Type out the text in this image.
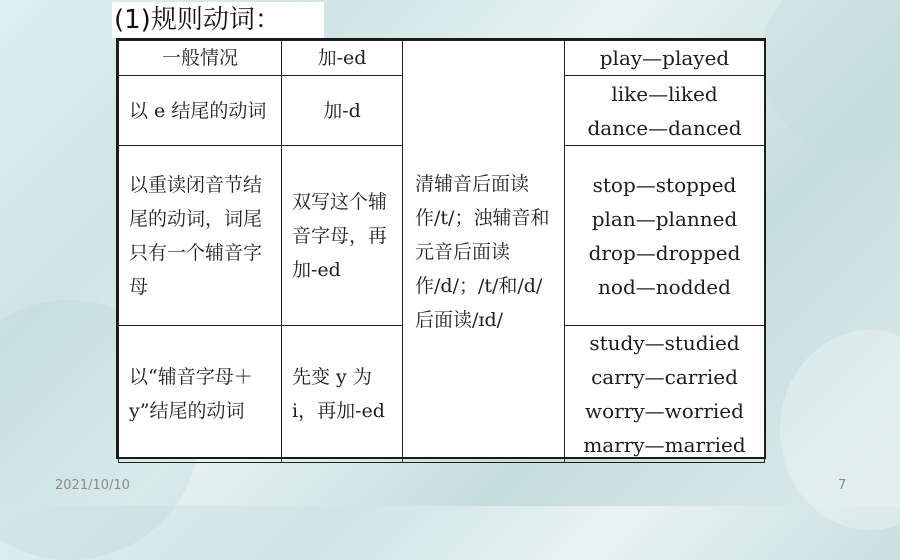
(1)规则动词：
一般情况	加-ed	清辅音后面读作/t/；浊辅音和元音后面读作/d/；/t/和/d/后面读/ɪd/	play—played

以 e 结尾的动词	加-d		like—liked
dance—danced

以重读闭音节结尾的动词，词尾只有一个辅音字母	双写这个辅音字母，再加-ed		stop—stopped
plan—planned
drop—dropped
nod—nodded

以“辅音字母＋y”结尾的动词	先变 y 为 i，再加-ed		study—studied
carry—carried
worry—worried
marry—married
2021/10/10	7
